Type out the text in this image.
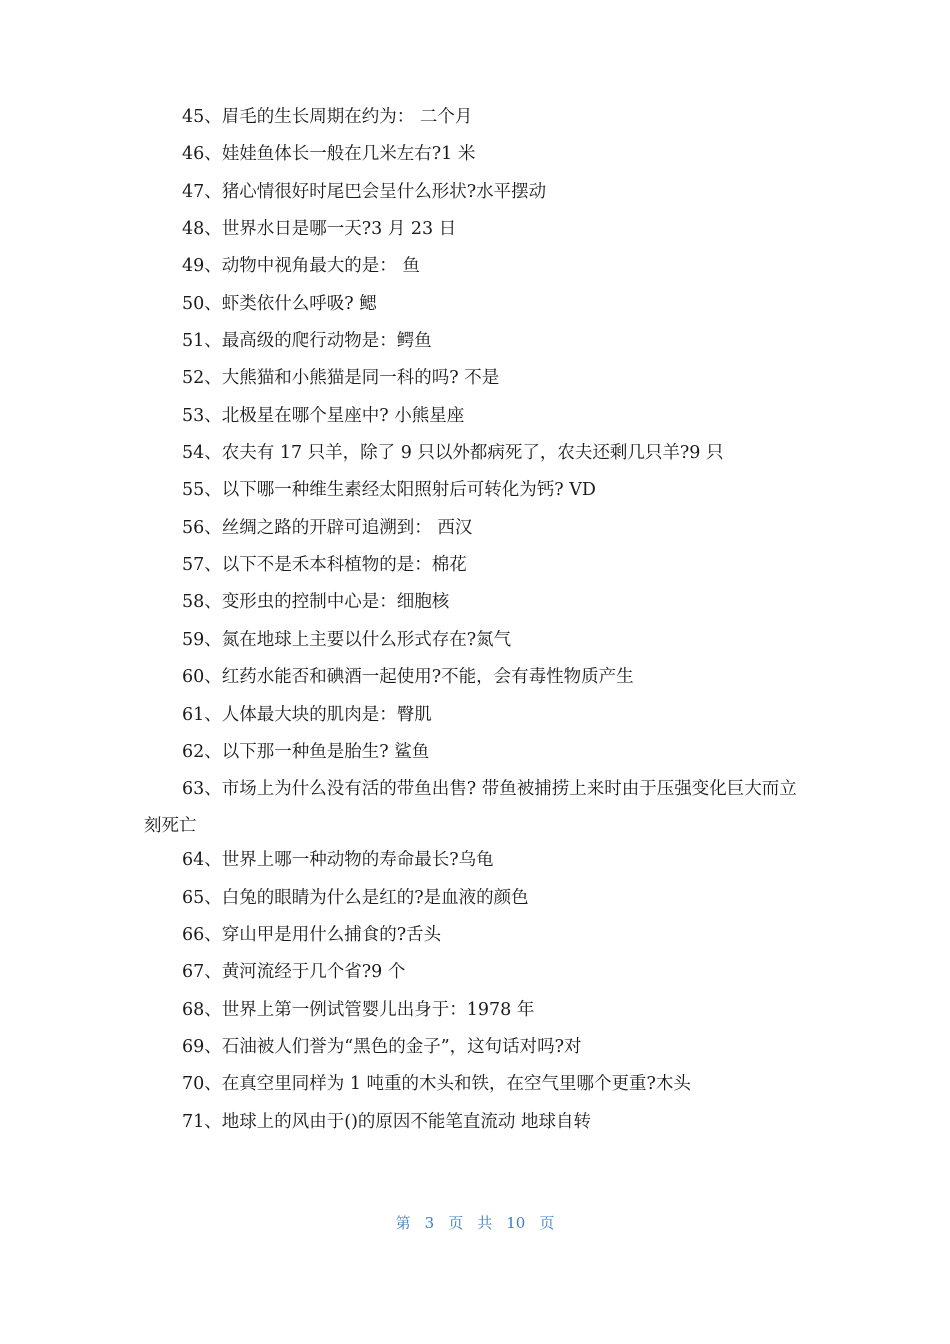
45、眉毛的生长周期在约为： 二个月
46、娃娃鱼体长一般在几米左右?1 米
47、猪心情很好时尾巴会呈什么形状?水平摆动
48、世界水日是哪一天?3 月 23 日
49、动物中视角最大的是： 鱼
50、虾类依什么呼吸? 鳃
51、最高级的爬行动物是：鳄鱼
52、大熊猫和小熊猫是同一科的吗? 不是
53、北极星在哪个星座中? 小熊星座
54、农夫有 17 只羊，除了 9 只以外都病死了，农夫还剩几只羊?9 只
55、以下哪一种维生素经太阳照射后可转化为钙? VD
56、丝绸之路的开辟可追溯到： 西汉
57、以下不是禾本科植物的是：棉花
58、变形虫的控制中心是：细胞核
59、氮在地球上主要以什么形式存在?氮气
60、红药水能否和碘酒一起使用?不能，会有毒性物质产生
61、人体最大块的肌肉是：臀肌
62、以下那一种鱼是胎生? 鲨鱼
63、市场上为什么没有活的带鱼出售? 带鱼被捕捞上来时由于压强变化巨大而立刻死亡
64、世界上哪一种动物的寿命最长?乌龟
65、白兔的眼睛为什么是红的?是血液的颜色
66、穿山甲是用什么捕食的?舌头
67、黄河流经于几个省?9 个
68、世界上第一例试管婴儿出身于：1978 年
69、石油被人们誉为“黑色的金子”，这句话对吗?对
70、在真空里同样为 1 吨重的木头和铁，在空气里哪个更重?木头
71、地球上的风由于()的原因不能笔直流动 地球自转
第 3 页 共 10 页
